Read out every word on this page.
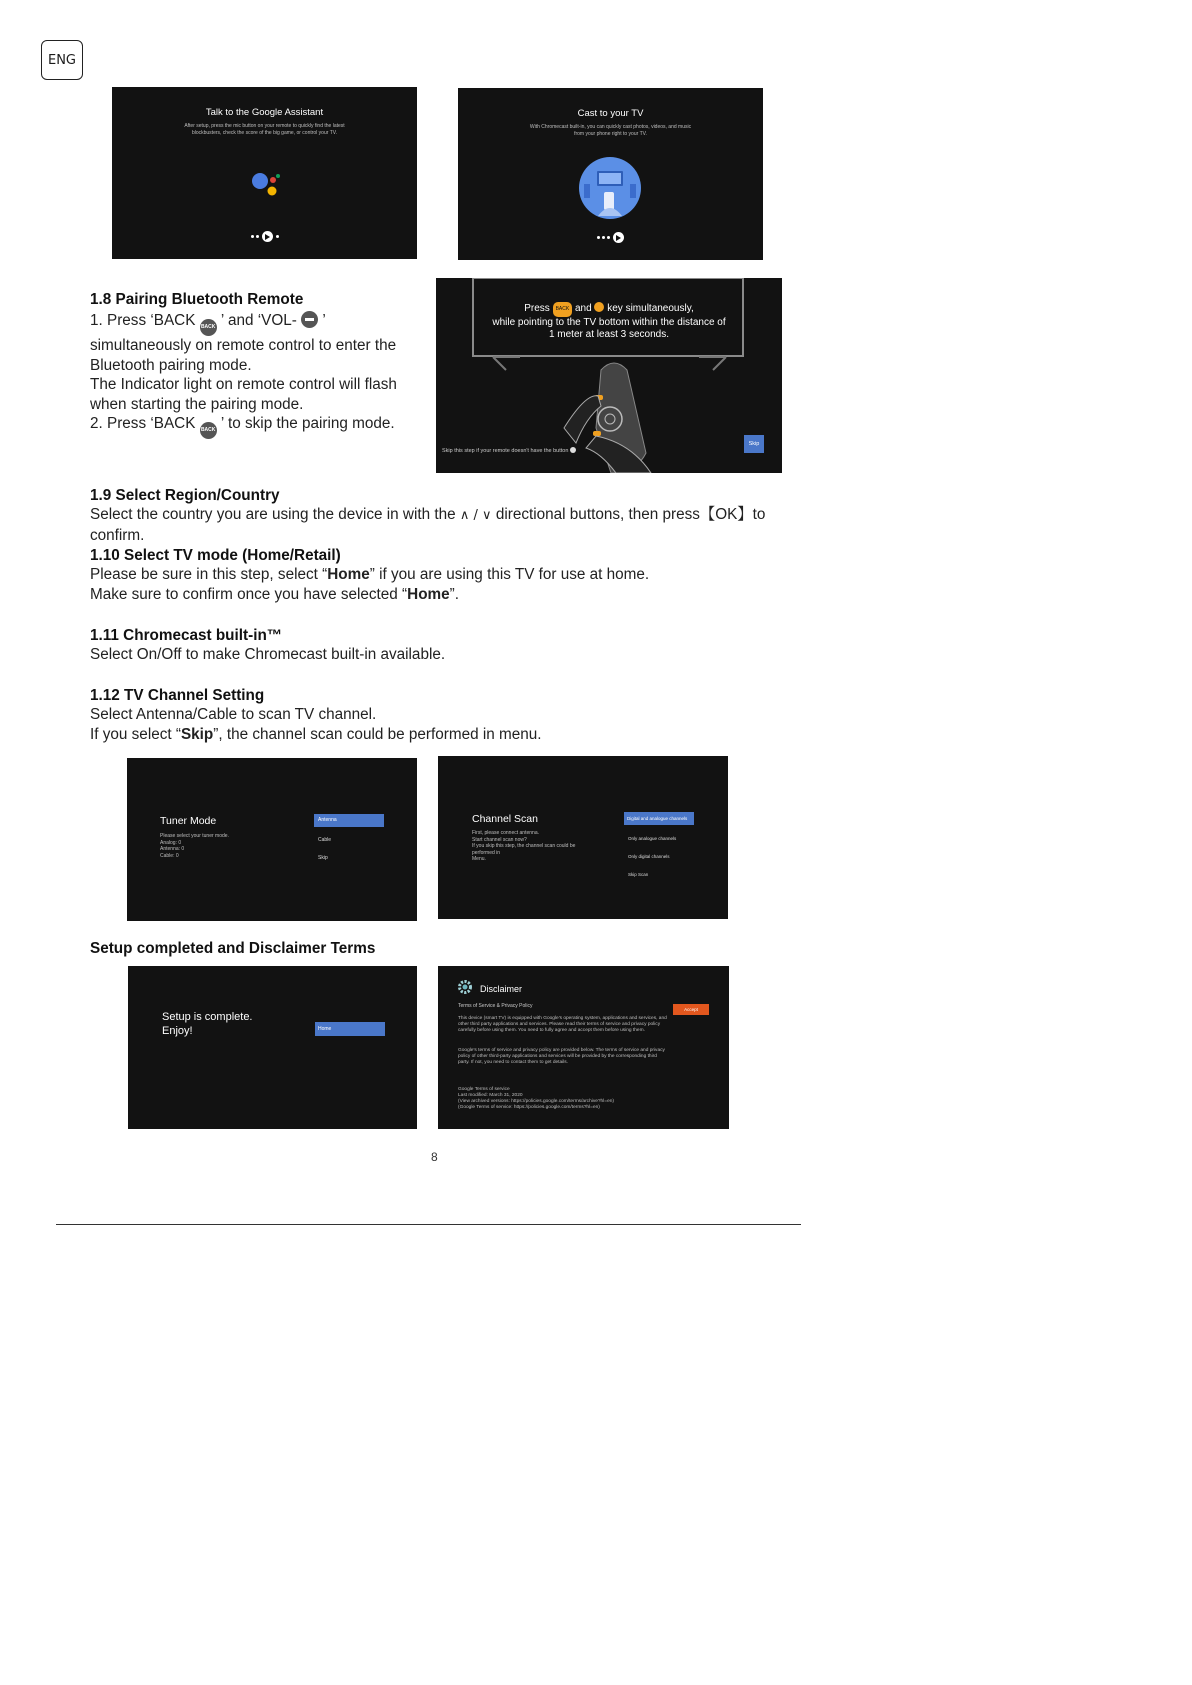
ENG
Talk to the Google Assistant
After setup, press the mic button on your remote to quickly find the latest blockbusters, check the score of the big game, or control your TV.
Cast to your TV
With Chromecast built-in, you can quickly cast photos, videos, and music from your phone right to your TV.
1.8 Pairing Bluetooth Remote
1. Press ‘BACK BACK ’ and ‘VOL- ’
simultaneously on remote control to enter the
Bluetooth pairing mode.
The Indicator light on remote control will flash
when starting the pairing mode.
2. Press ‘BACK BACK ’ to skip the pairing mode.
Press BACK and key simultaneously,
while pointing to the TV bottom within the distance of
1 meter at least 3 seconds.
Skip this step if your remote doesn't have the button
Skip
1.9 Select Region/Country
Select the country you are using the device in with the ∧ / ∨ directional buttons, then press【OK】to
confirm.
1.10 Select TV mode (Home/Retail)
Please be sure in this step, select “Home” if you are using this TV for use at home.
Make sure to confirm once you have selected “Home”.
1.11 Chromecast built-in™
Select On/Off to make Chromecast built-in available.
1.12 TV Channel Setting
Select Antenna/Cable to scan TV channel.
If you select “Skip”, the channel scan could be performed in menu.
Tuner Mode
Please select your tuner mode.
Analog: 0
Antenna: 0
Cable: 0
Antenna
Cable
Skip
Channel Scan
First, please connect antenna.
Start channel scan now?
If you skip this step, the channel scan could be performed in
Menu.
Digital and analogue channels
Only analogue channels
Only digital channels
Skip Scan
Setup completed and Disclaimer Terms
Setup is complete.
Enjoy!	Home
Disclaimer
Terms of Service & Privacy Policy
Accept
This device (smart TV) is equipped with Google's operating system, applications and services, and other third party applications and services. Please read their terms of service and privacy policy carefully before using them. You need to fully agree and accept them before using them.
Google's terms of service and privacy policy are provided below. The terms of service and privacy policy of other third-party applications and services will be provided by the corresponding third party. If not, you need to contact them to get details.
Google Terms of service
Last modified: March 31, 2020
(View archived versions: https://policies.google.com/terms/archive?hl=en)
(Google Terms of service: https://policies.google.com/terms?hl=en)
8
